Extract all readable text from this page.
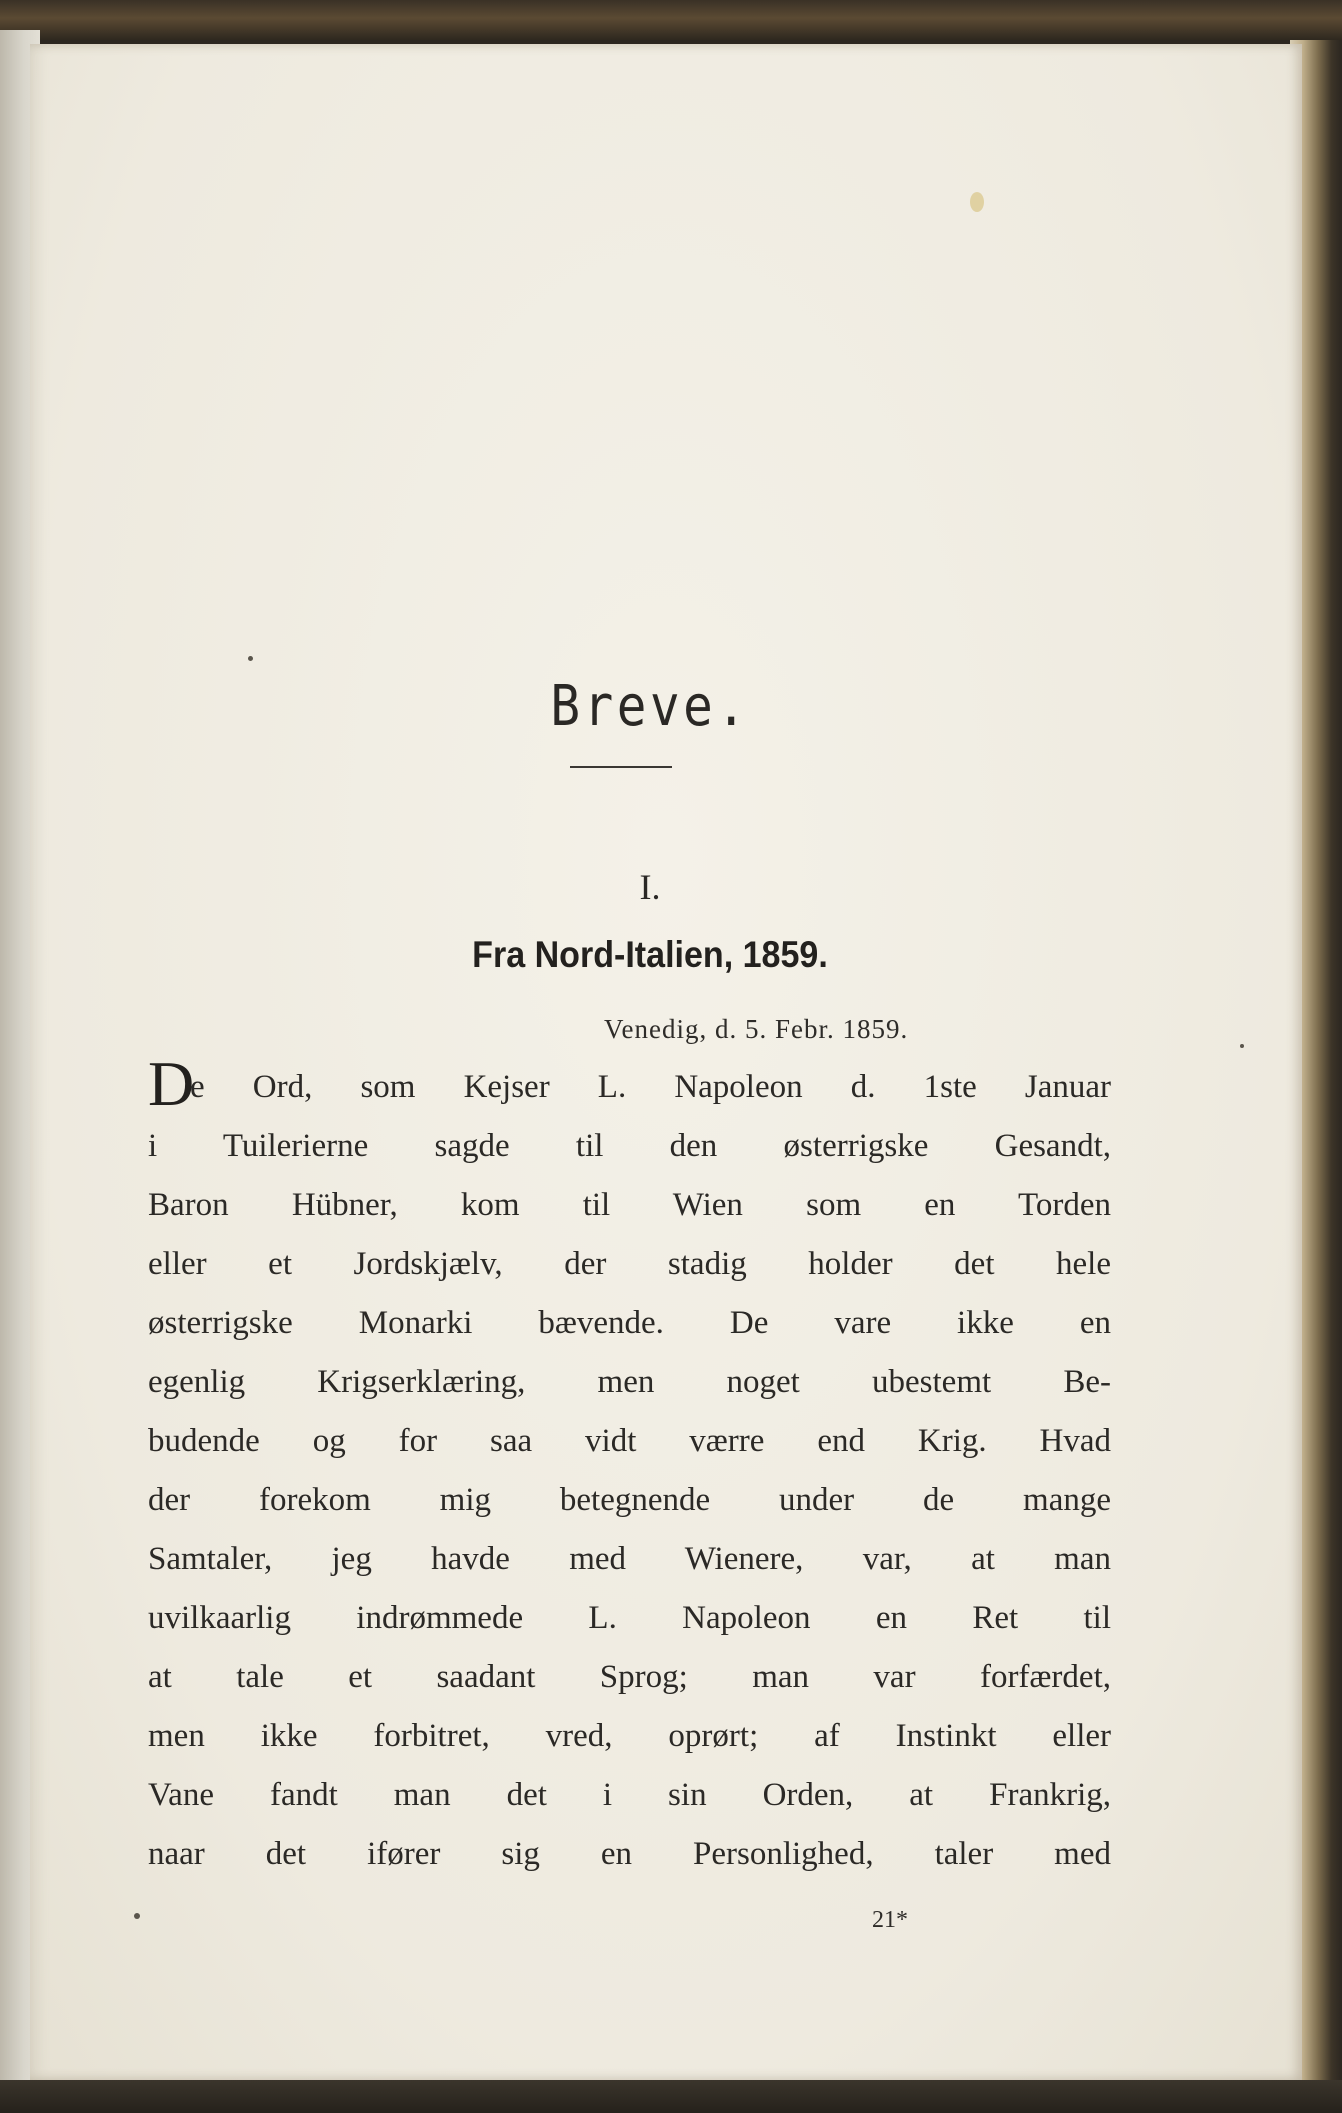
Breve.
I.
Fra Nord-Italien, 1859.
Venedig, d. 5. Febr. 1859.
D
e Ord, som Kejser L. Napoleon d. 1ste Januar
i Tuilerierne sagde til den østerrigske Gesandt,
Baron Hübner, kom til Wien som en Torden
eller et Jordskjælv, der stadig holder det hele
østerrigske Monarki bævende. De vare ikke en
egenlig Krigserklæring, men noget ubestemt Be-
budende og for saa vidt værre end Krig. Hvad
der forekom mig betegnende under de mange
Samtaler, jeg havde med Wienere, var, at man
uvilkaarlig indrømmede L. Napoleon en Ret til
at tale et saadant Sprog; man var forfærdet,
men ikke forbitret, vred, oprørt; af Instinkt eller
Vane fandt man det i sin Orden, at Frankrig,
naar det ifører sig en Personlighed, taler med
21*
